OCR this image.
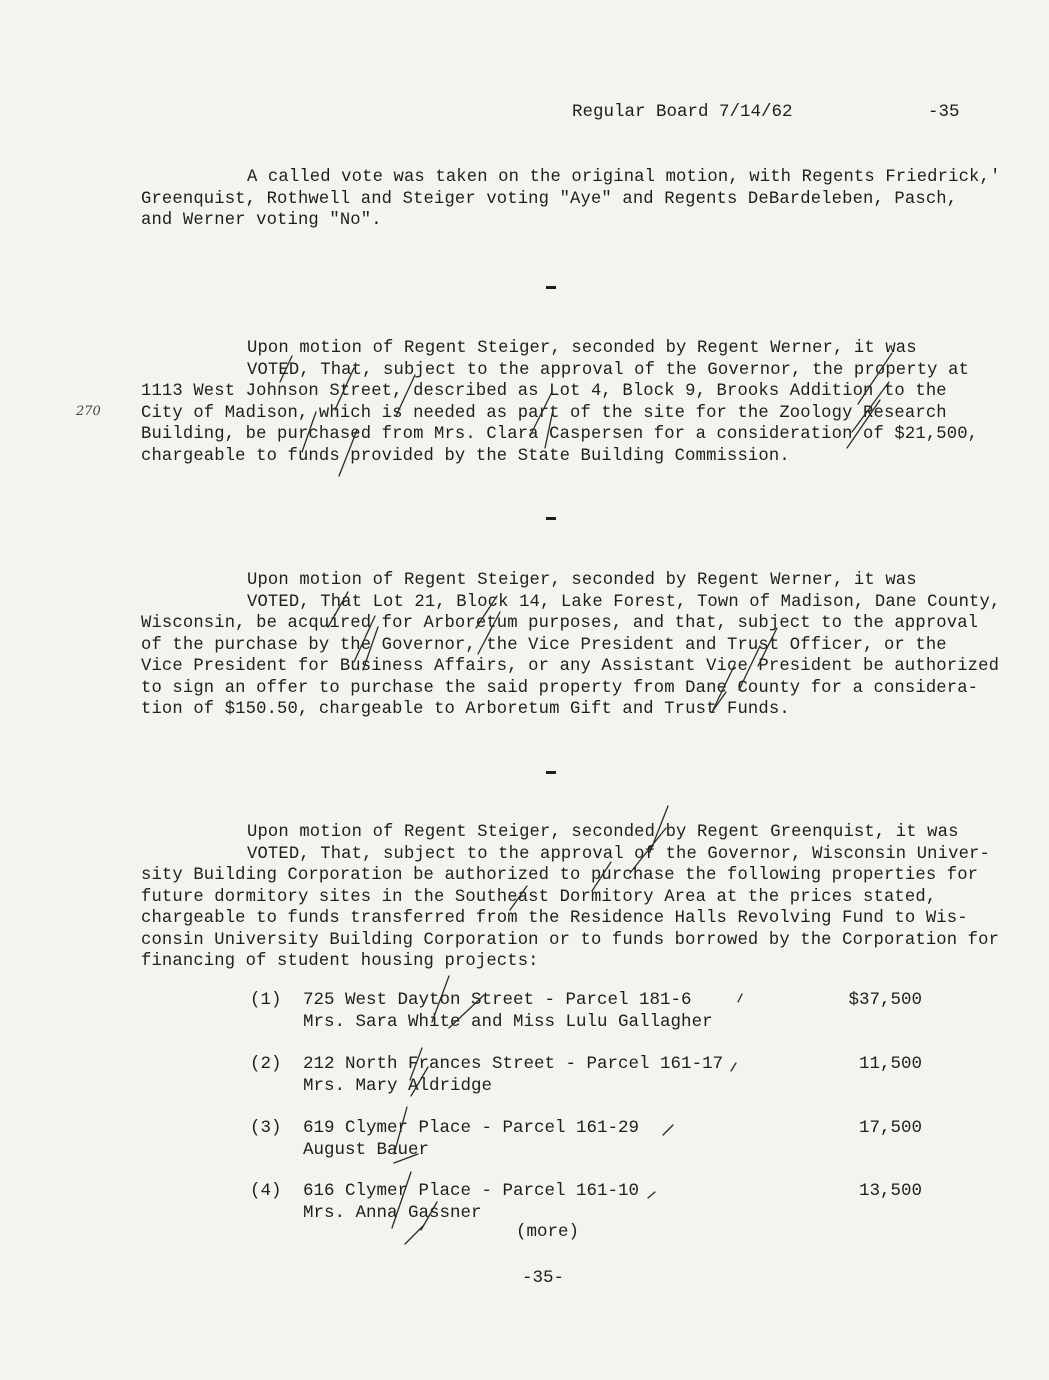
Regular Board 7/14/62	-35
270
A called vote was taken on the original motion, with Regents Friedrick,'
Greenquist, Rothwell and Steiger voting "Aye" and Regents DeBardeleben, Pasch,
and Werner voting "No".
Upon motion of Regent Steiger, seconded by Regent Werner, it was
VOTED, That, subject to the approval of the Governor, the property at
1113 West Johnson Street, described as Lot 4, Block 9, Brooks Addition to the
City of Madison, which is needed as part of the site for the Zoology Research
Building, be purchased from Mrs. Clara Caspersen for a consideration of $21,500,
chargeable to funds provided by the State Building Commission.
Upon motion of Regent Steiger, seconded by Regent Werner, it was
VOTED, That Lot 21, Block 14, Lake Forest, Town of Madison, Dane County,
Wisconsin, be acquired for Arboretum purposes, and that, subject to the approval
of the purchase by the Governor, the Vice President and Trust Officer, or the
Vice President for Business Affairs, or any Assistant Vice President be authorized
to sign an offer to purchase the said property from Dane County for a considera-
tion of $150.50, chargeable to Arboretum Gift and Trust Funds.
Upon motion of Regent Steiger, seconded by Regent Greenquist, it was
VOTED, That, subject to the approval of the Governor, Wisconsin Univer-
sity Building Corporation be authorized to purchase the following properties for
future dormitory sites in the Southeast Dormitory Area at the prices stated,
chargeable to funds transferred from the Residence Halls Revolving Fund to Wis-
consin University Building Corporation or to funds borrowed by the Corporation for
financing of student housing projects:
(1) 725 West Dayton Street - Parcel 181-6
Mrs. Sara White and Miss Lulu Gallagher
$37,500
(2) 212 North Frances Street - Parcel 161-17
Mrs. Mary Aldridge
11,500
(3) 619 Clymer Place - Parcel 161-29
August Bauer
17,500
(4) 616 Clymer Place - Parcel 161-10
Mrs. Anna Gassner
13,500
(more)
-35-
